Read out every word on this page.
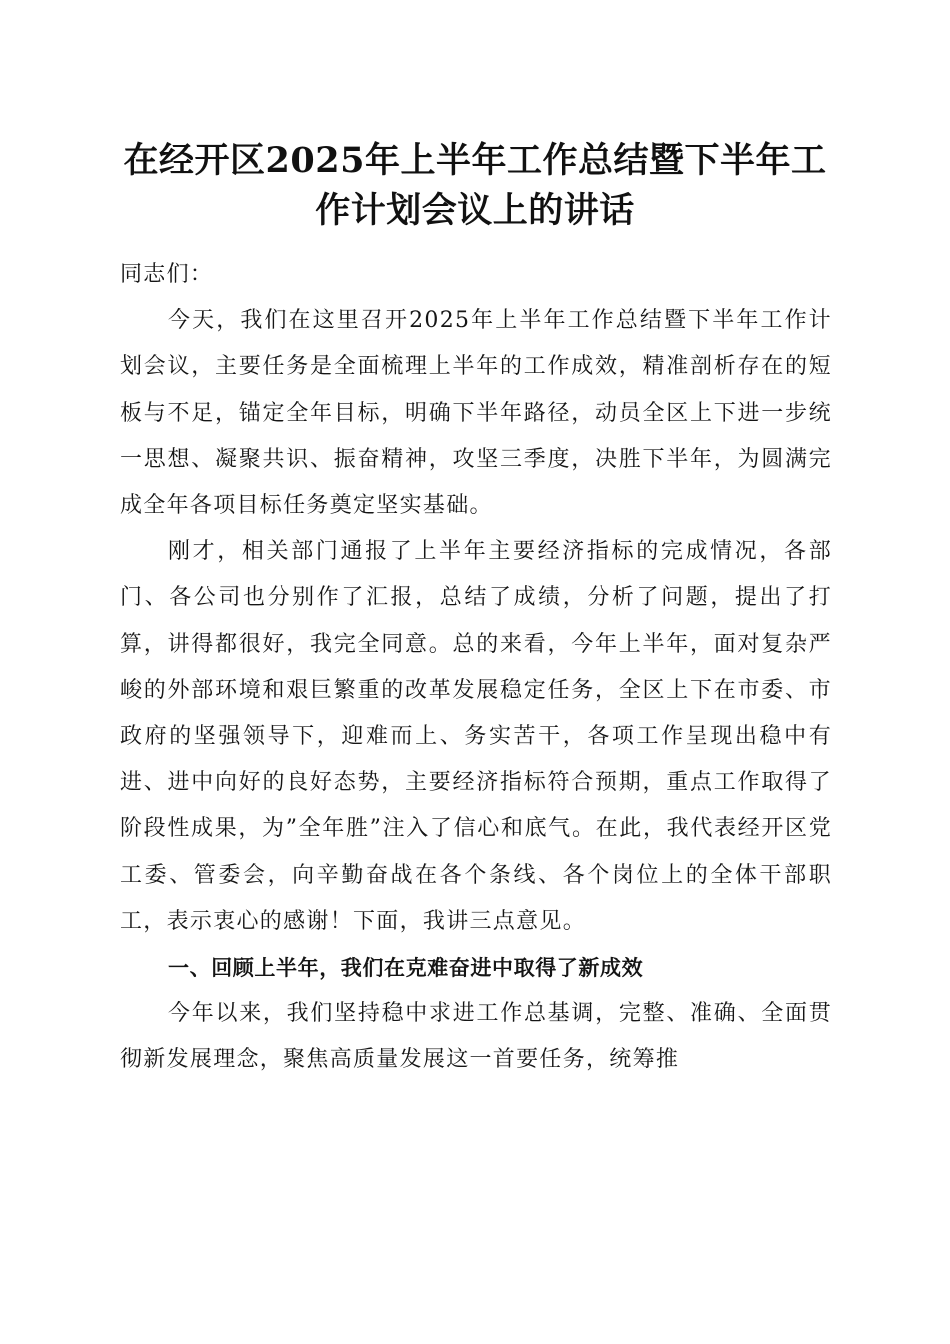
在经开区2025年上半年工作总结暨下半年工作计划会议上的讲话

同志们：

今天，我们在这里召开2025年上半年工作总结暨下半年工作计划会议，主要任务是全面梳理上半年的工作成效，精准剖析存在的短板与不足，锚定全年目标，明确下半年路径，动员全区上下进一步统一思想、凝聚共识、振奋精神，攻坚三季度，决胜下半年，为圆满完成全年各项目标任务奠定坚实基础。

刚才，相关部门通报了上半年主要经济指标的完成情况，各部门、各公司也分别作了汇报，总结了成绩，分析了问题，提出了打算，讲得都很好，我完全同意。总的来看，今年上半年，面对复杂严峻的外部环境和艰巨繁重的改革发展稳定任务，全区上下在市委、市政府的坚强领导下，迎难而上、务实苦干，各项工作呈现出稳中有进、进中向好的良好态势，主要经济指标符合预期，重点工作取得了阶段性成果，为”全年胜”注入了信心和底气。在此，我代表经开区党工委、管委会，向辛勤奋战在各个条线、各个岗位上的全体干部职工，表示衷心的感谢！下面，我讲三点意见。

一、回顾上半年，我们在克难奋进中取得了新成效

今年以来，我们坚持稳中求进工作总基调，完整、准确、全面贯彻新发展理念，聚焦高质量发展这一首要任务，统筹推
